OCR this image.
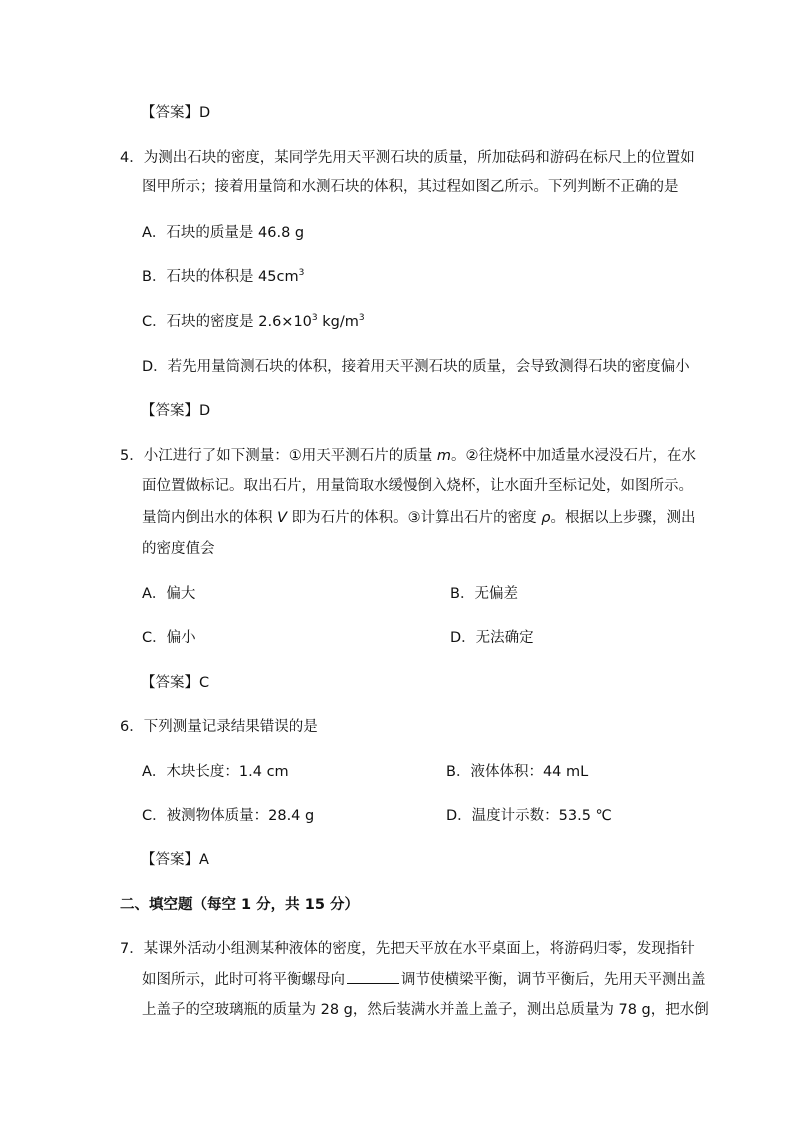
【答案】D
4．为测出石块的密度，某同学先用天平测石块的质量，所加砝码和游码在标尺上的位置如
图甲所示；接着用量筒和水测石块的体积，其过程如图乙所示。下列判断不正确的是
A．石块的质量是 46.8 g
B．石块的体积是 $45cm^3$
C．石块的密度是 $2.6\times 10^3$ $kg/m^3$
D．若先用量筒测石块的体积，接着用天平测石块的质量，会导致测得石块的密度偏小
【答案】D
5．小江进行了如下测量：①用天平测石片的质量 m。②往烧杯中加适量水浸没石片，在水
面位置做标记。取出石片，用量筒取水缓慢倒入烧杯，让水面升至标记处，如图所示。
量筒内倒出水的体积 V 即为石片的体积。③计算出石片的密度 ρ。根据以上步骤，测出
的密度值会
A．偏大	B．无偏差
C．偏小	D．无法确定
【答案】C
6．下列测量记录结果错误的是
A．木块长度：1.4 cm	B．液体体积：44 mL
C．被测物体质量：28.4 g	D．温度计示数：53.5 ℃
【答案】A
二、填空题（每空 1 分，共 15 分）
7．某课外活动小组测某种液体的密度，先把天平放在水平桌面上，将游码归零，发现指针
如图所示，此时可将平衡螺母向	调节使横梁平衡，调节平衡后，先用天平测出盖
上盖子的空玻璃瓶的质量为 28 g，然后装满水并盖上盖子，测出总质量为 78 g，把水倒
